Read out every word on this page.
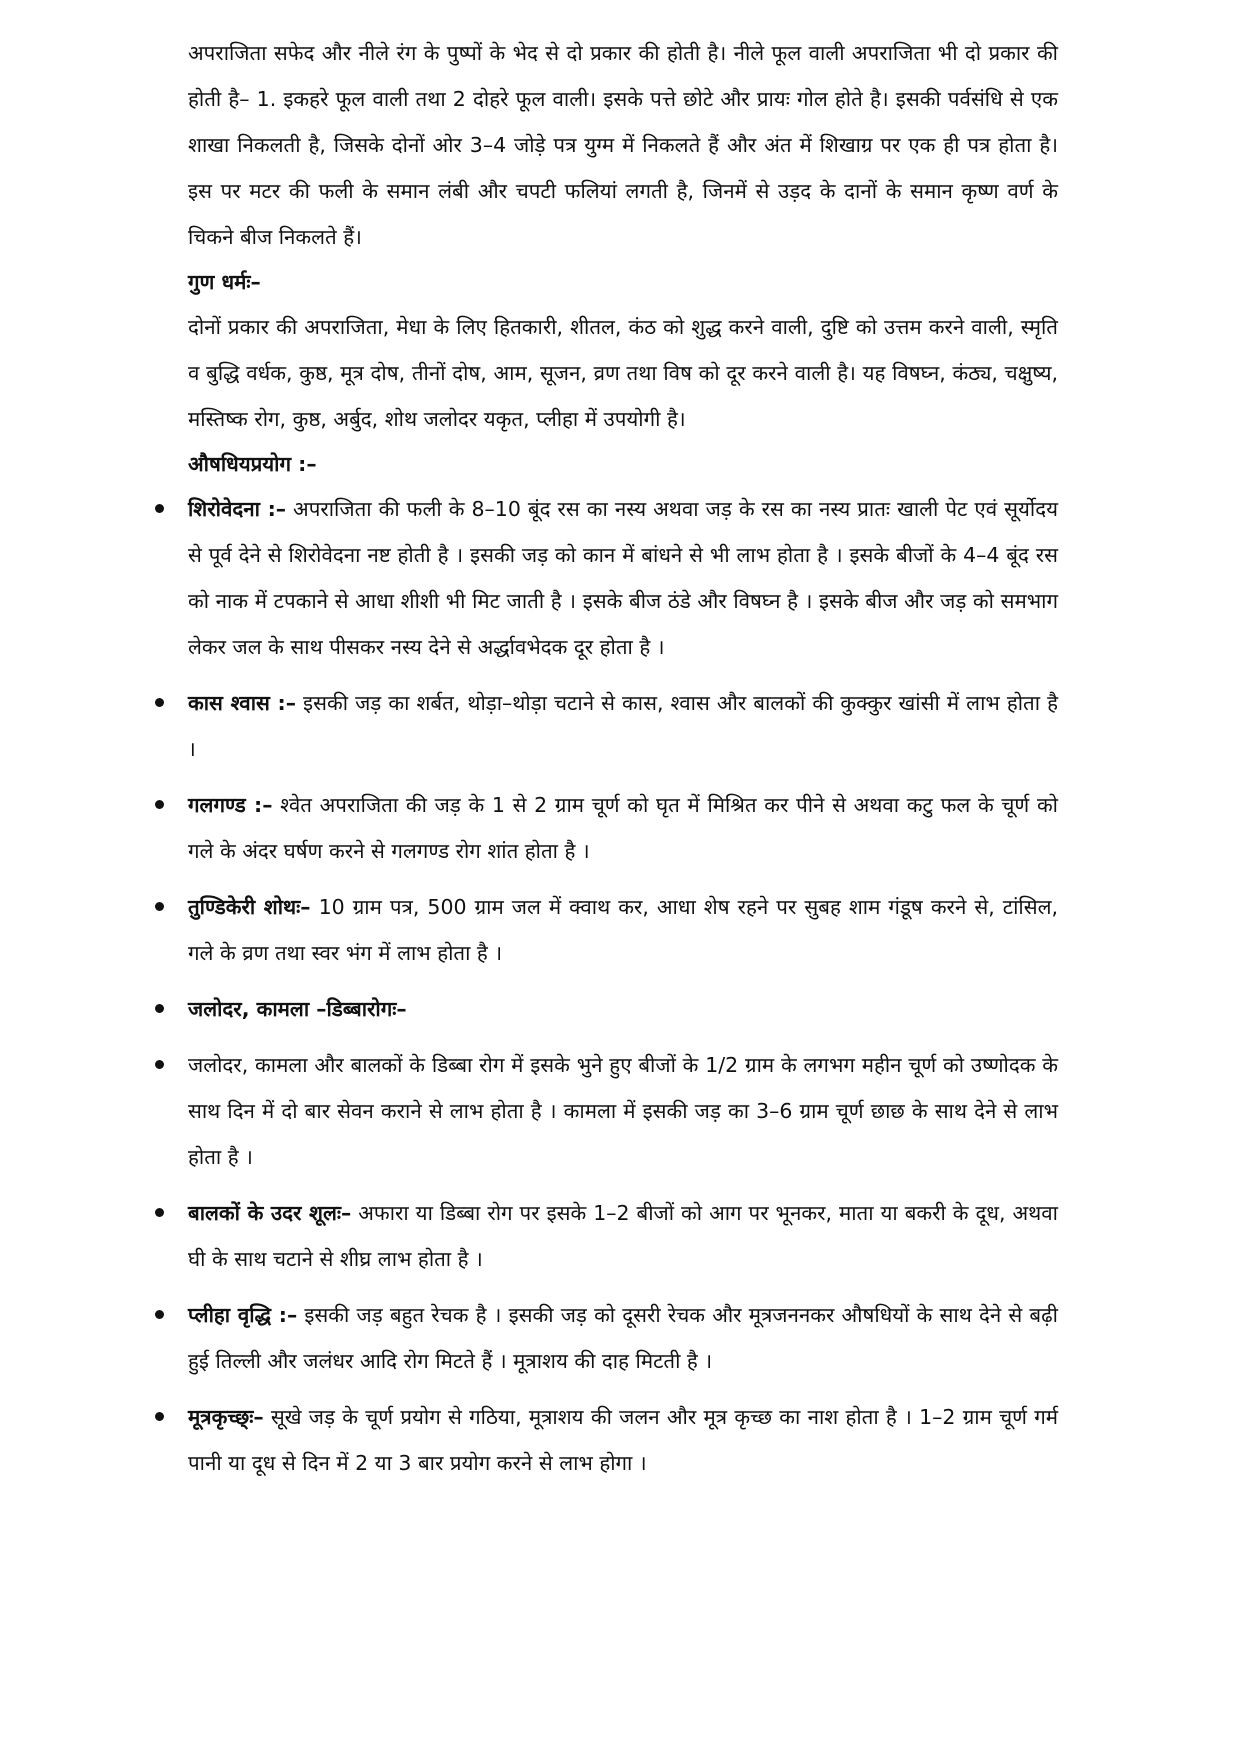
अपराजिता सफेद और नीले रंग के पुष्पों के भेद से दो प्रकार की होती है। नीले फूल वाली अपराजिता भी दो प्रकार की होती है– 1. इकहरे फूल वाली तथा 2 दोहरे फूल वाली। इसके पत्ते छोटे और प्रायः गोल होते है। इसकी पर्वसंधि से एक शाखा निकलती है, जिसके दोनों ओर 3–4 जोड़े पत्र युग्म में निकलते हैं और अंत में शिखाग्र पर एक ही पत्र होता है। इस पर मटर की फली के समान लंबी और चपटी फलियां लगती है, जिनमें से उड़द के दानों के समान कृष्ण वर्ण के चिकने बीज निकलते हैं।

गुण धर्मः–

दोनों प्रकार की अपराजिता, मेधा के लिए हितकारी, शीतल, कंठ को शुद्ध करने वाली, दुष्टि को उत्तम करने वाली, स्मृति व बुद्धि वर्धक, कुष्ठ, मूत्र दोष, तीनों दोष, आम, सूजन, व्रण तथा विष को दूर करने वाली है। यह विषघ्न, कंठ्य, चक्षुष्य, मस्तिष्क रोग, कुष्ठ, अर्बुद, शोथ जलोदर यकृत, प्लीहा में उपयोगी है।

औषधियप्रयोग :–

शिरोवेदना :– अपराजिता की फली के 8–10 बूंद रस का नस्य अथवा जड़ के रस का नस्य प्रातः खाली पेट एवं सूर्योदय से पूर्व देने से शिरोवेदना नष्ट होती है । इसकी जड़ को कान में बांधने से भी लाभ होता है । इसके बीजों के 4–4 बूंद रस को नाक में टपकाने से आधा शीशी भी मिट जाती है । इसके बीज ठंडे और विषघ्न है । इसके बीज और जड़ को समभाग लेकर जल के साथ पीसकर नस्य देने से अर्द्धावभेदक दूर होता है ।
कास श्वास :– इसकी जड़ का शर्बत, थोड़ा–थोड़ा चटाने से कास, श्वास और बालकों की कुक्कुर खांसी में लाभ होता है ।
गलगण्ड :– श्वेत अपराजिता की जड़ के 1 से 2 ग्राम चूर्ण को घृत में मिश्रित कर पीने से अथवा कटु फल के चूर्ण को गले के अंदर घर्षण करने से गलगण्ड रोग शांत होता है ।
तुण्डिकेरी शोथः– 10 ग्राम पत्र, 500 ग्राम जल में क्वाथ कर, आधा शेष रहने पर सुबह शाम गंडूष करने से, टांसिल, गले के व्रण तथा स्वर भंग में लाभ होता है ।
जलोदर, कामला –डिब्बारोगः–
जलोदर, कामला और बालकों के डिब्बा रोग में इसके भुने हुए बीजों के 1/2 ग्राम के लगभग महीन चूर्ण को उष्णोदक के साथ दिन में दो बार सेवन कराने से लाभ होता है । कामला में इसकी जड़ का 3–6 ग्राम चूर्ण छाछ के साथ देने से लाभ होता है ।
बालकों के उदर शूलः– अफारा या डिब्बा रोग पर इसके 1–2 बीजों को आग पर भूनकर, माता या बकरी के दूध, अथवा घी के साथ चटाने से शीघ्र लाभ होता है ।
प्लीहा वृद्धि :– इसकी जड़ बहुत रेचक है । इसकी जड़ को दूसरी रेचक और मूत्रजननकर औषधियों के साथ देने से बढ़ी हुई तिल्ली और जलंधर आदि रोग मिटते हैं । मूत्राशय की दाह मिटती है ।
मूत्रकृच्छ्ः– सूखे जड़ के चूर्ण प्रयोग से गठिया, मूत्राशय की जलन और मूत्र कृच्छ का नाश होता है । 1–2 ग्राम चूर्ण गर्म पानी या दूध से दिन में 2 या 3 बार प्रयोग करने से लाभ होगा ।
